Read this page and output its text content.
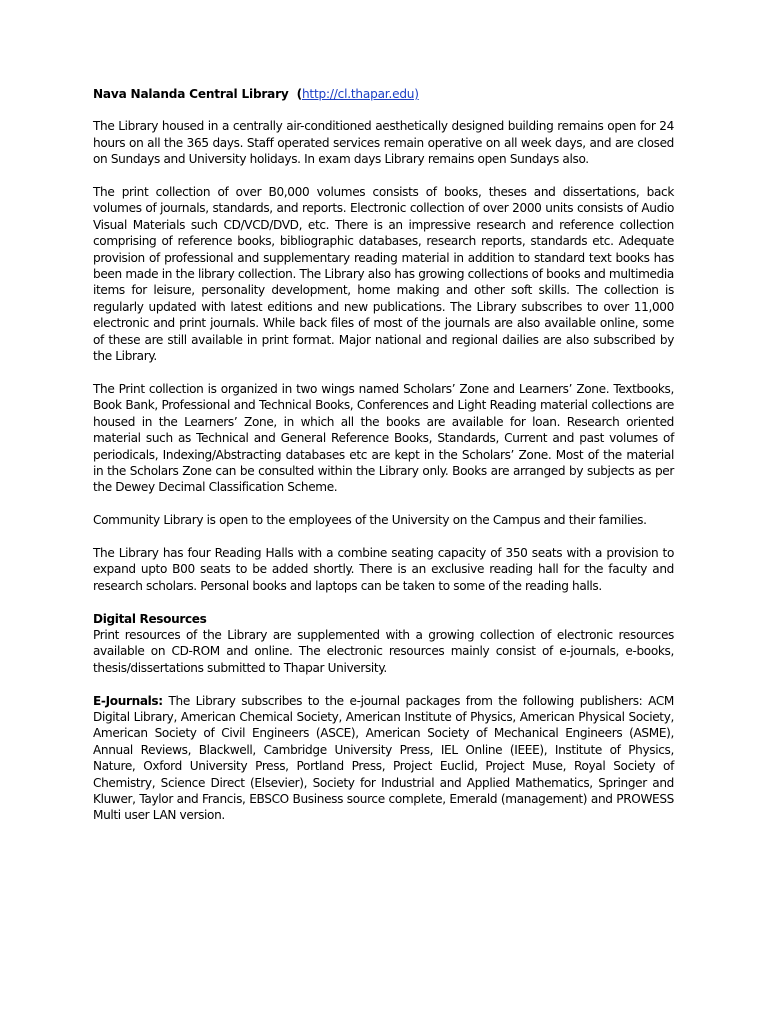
Nava Nalanda Central Library (http://cl.thapar.edu)

The Library housed in a centrally air-conditioned aesthetically designed building remains open for 24 hours on all the 365 days. Staff operated services remain operative on all week days, and are closed on Sundays and University holidays. In exam days Library remains open Sundays also.

The print collection of over B0,000 volumes consists of books, theses and dissertations, back volumes of journals, standards, and reports. Electronic collection of over 2000 units consists of Audio Visual Materials such CD/VCD/DVD, etc. There is an impressive research and reference collection comprising of reference books, bibliographic databases, research reports, standards etc. Adequate provision of professional and supplementary reading material in addition to standard text books has been made in the library collection. The Library also has growing collections of books and multimedia items for leisure, personality development, home making and other soft skills. The collection is regularly updated with latest editions and new publications. The Library subscribes to over 11,000 electronic and print journals. While back files of most of the journals are also available online, some of these are still available in print format. Major national and regional dailies are also subscribed by the Library.

The Print collection is organized in two wings named Scholars’ Zone and Learners’ Zone. Textbooks, Book Bank, Professional and Technical Books, Conferences and Light Reading material collections are housed in the Learners’ Zone, in which all the books are available for loan. Research oriented material such as Technical and General Reference Books, Standards, Current and past volumes of periodicals, Indexing/Abstracting databases etc are kept in the Scholars’ Zone. Most of the material in the Scholars Zone can be consulted within the Library only. Books are arranged by subjects as per the Dewey Decimal Classification Scheme.

Community Library is open to the employees of the University on the Campus and their families.

The Library has four Reading Halls with a combine seating capacity of 350 seats with a provision to expand upto B00 seats to be added shortly. There is an exclusive reading hall for the faculty and research scholars. Personal books and laptops can be taken to some of the reading halls.

Digital Resources

Print resources of the Library are supplemented with a growing collection of electronic resources available on CD-ROM and online. The electronic resources mainly consist of e-journals, e-books, thesis/dissertations submitted to Thapar University.

E-Journals: The Library subscribes to the e-journal packages from the following publishers: ACM Digital Library, American Chemical Society, American Institute of Physics, American Physical Society, American Society of Civil Engineers (ASCE), American Society of Mechanical Engineers (ASME), Annual Reviews, Blackwell, Cambridge University Press, IEL Online (IEEE), Institute of Physics, Nature, Oxford University Press, Portland Press, Project Euclid, Project Muse, Royal Society of Chemistry, Science Direct (Elsevier), Society for Industrial and Applied Mathematics, Springer and Kluwer, Taylor and Francis, EBSCO Business source complete, Emerald (management) and PROWESS Multi user LAN version.
